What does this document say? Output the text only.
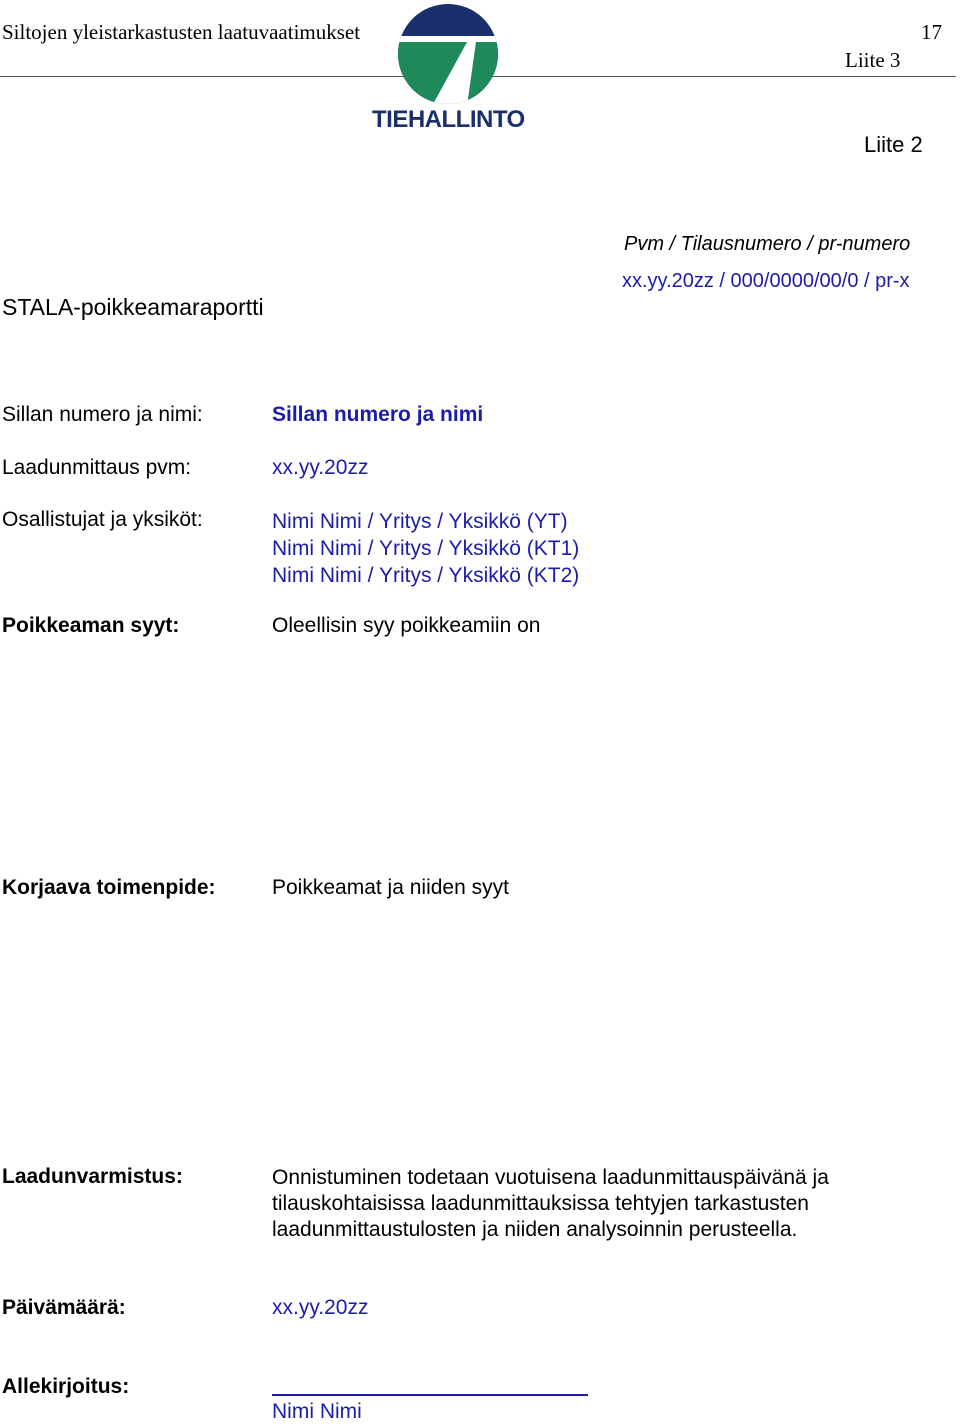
Siltojen yleistarkastusten laatuvaatimukset	17
Liite 3
TIEHALLINTO
Liite 2
Pvm / Tilausnumero / pr-numero
xx.yy.20zz / 000/0000/00/0 / pr-x
STALA-poikkeamaraportti
Sillan numero ja nimi:	Sillan numero ja nimi
Laadunmittaus pvm:	xx.yy.20zz
Osallistujat ja yksiköt:	Nimi Nimi / Yritys / Yksikkö (YT)
Nimi Nimi / Yritys / Yksikkö (KT1)
Nimi Nimi / Yritys / Yksikkö (KT2)
Poikkeaman syyt:	Oleellisin syy poikkeamiin on
Korjaava toimenpide:	Poikkeamat ja niiden syyt
Laadunvarmistus:	Onnistuminen todetaan vuotuisena laadunmittauspäivänä ja
tilauskohtaisissa laadunmittauksissa tehtyjen tarkastusten
laadunmittaustulosten ja niiden analysoinnin perusteella.
Päivämäärä:	xx.yy.20zz
Allekirjoitus:
Nimi Nimi
